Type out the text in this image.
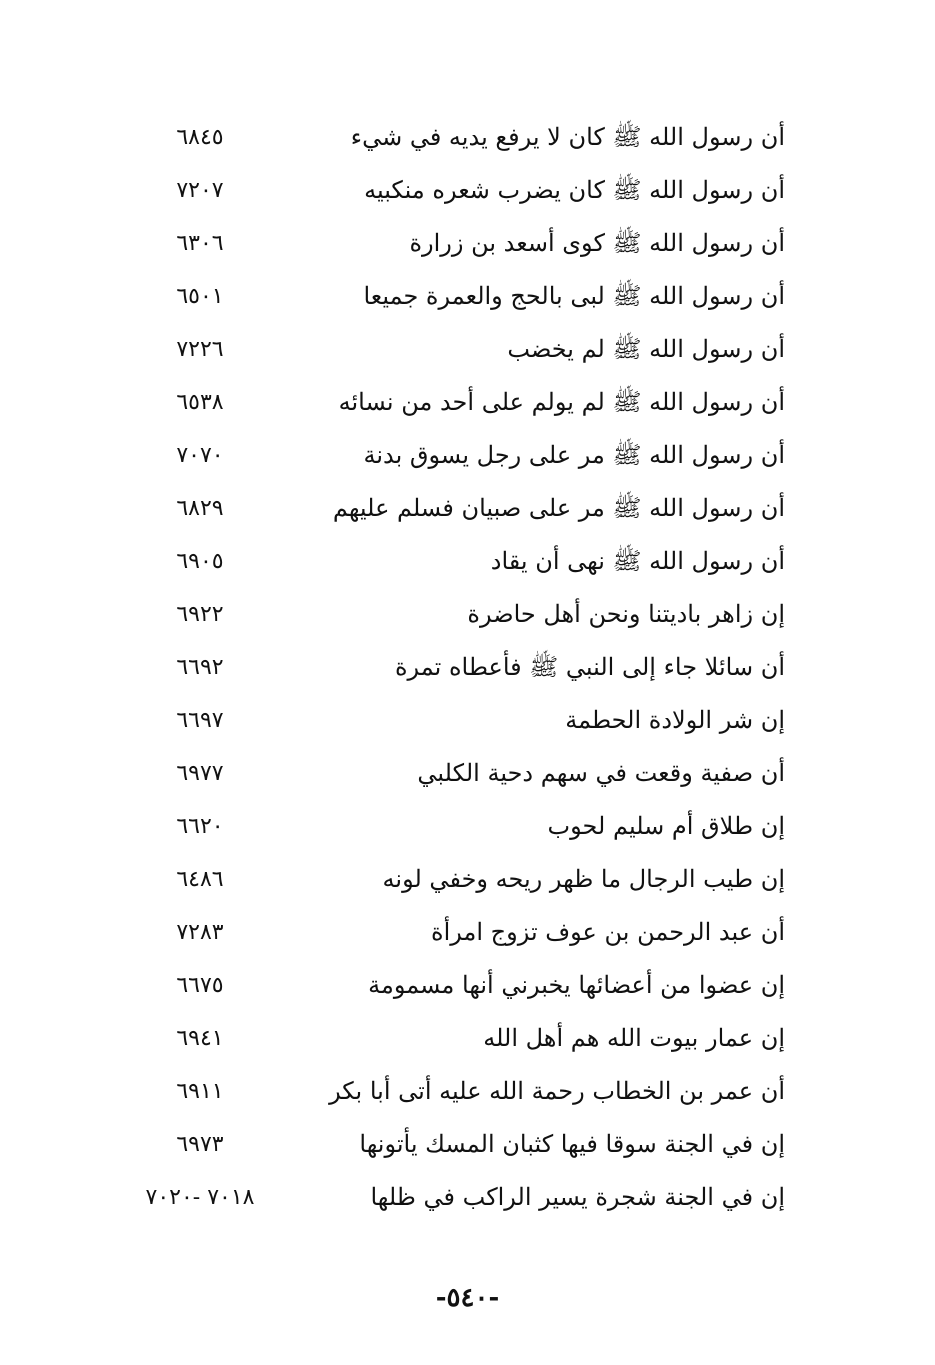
أن رسول الله ﷺ كان لا يرفع يديه في شيء
٦٨٤٥
أن رسول الله ﷺ كان يضرب شعره منكبيه
٧٢٠٧
أن رسول الله ﷺ كوى أسعد بن زرارة
٦٣٠٦
أن رسول الله ﷺ لبى بالحج والعمرة جميعا
٦٥٠١
أن رسول الله ﷺ لم يخضب
٧٢٢٦
أن رسول الله ﷺ لم يولم على أحد من نسائه
٦٥٣٨
أن رسول الله ﷺ مر على رجل يسوق بدنة
٧٠٧٠
أن رسول الله ﷺ مر على صبيان فسلم عليهم
٦٨٢٩
أن رسول الله ﷺ نهى أن يقاد
٦٩٠٥
إن زاهر باديتنا ونحن أهل حاضرة
٦٩٢٢
أن سائلا جاء إلى النبي ﷺ فأعطاه تمرة
٦٦٩٢
إن شر الولادة الحطمة
٦٦٩٧
أن صفية وقعت في سهم دحية الكلبي
٦٩٧٧
إن طلاق أم سليم لحوب
٦٦٢٠
إن طيب الرجال ما ظهر ريحه وخفي لونه
٦٤٨٦
أن عبد الرحمن بن عوف تزوج امرأة
٧٢٨٣
إن عضوا من أعضائها يخبرني أنها مسمومة
٦٦٧٥
إن عمار بيوت الله هم أهل الله
٦٩٤١
أن عمر بن الخطاب رحمة الله عليه أتى أبا بكر
٦٩١١
إن في الجنة سوقا فيها كثبان المسك يأتونها
٦٩٧٣
إن في الجنة شجرة يسير الراكب في ظلها
٧٠١٨ -٧٠٢٠
-٥٤٠-
